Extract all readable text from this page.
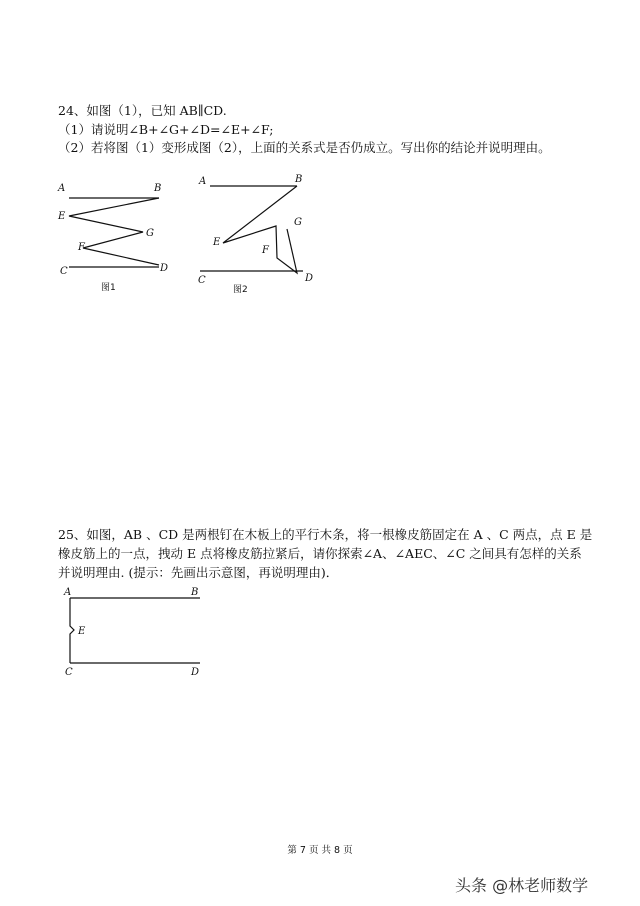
24、如图（1），已知 AB∥CD.
（1）请说明∠B+∠G+∠D=∠E+∠F;
（2）若将图（1）变形成图（2），上面的关系式是否仍成立。写出你的结论并说明理由。
A	B
E
G
F
C	D
图1
A	B
G
E
F
C	D
图2
25、如图，AB 、CD 是两根钉在木板上的平行木条，将一根橡皮筋固定在 A 、C 两点，点 E 是
橡皮筋上的一点，拽动 E 点将橡皮筋拉紧后，请你探索∠A、∠AEC、∠C 之间具有怎样的关系
并说明理由. (提示：先画出示意图，再说明理由)．
A	B
E
C	D
第 7 页 共 8 页
头条 @林老师数学
